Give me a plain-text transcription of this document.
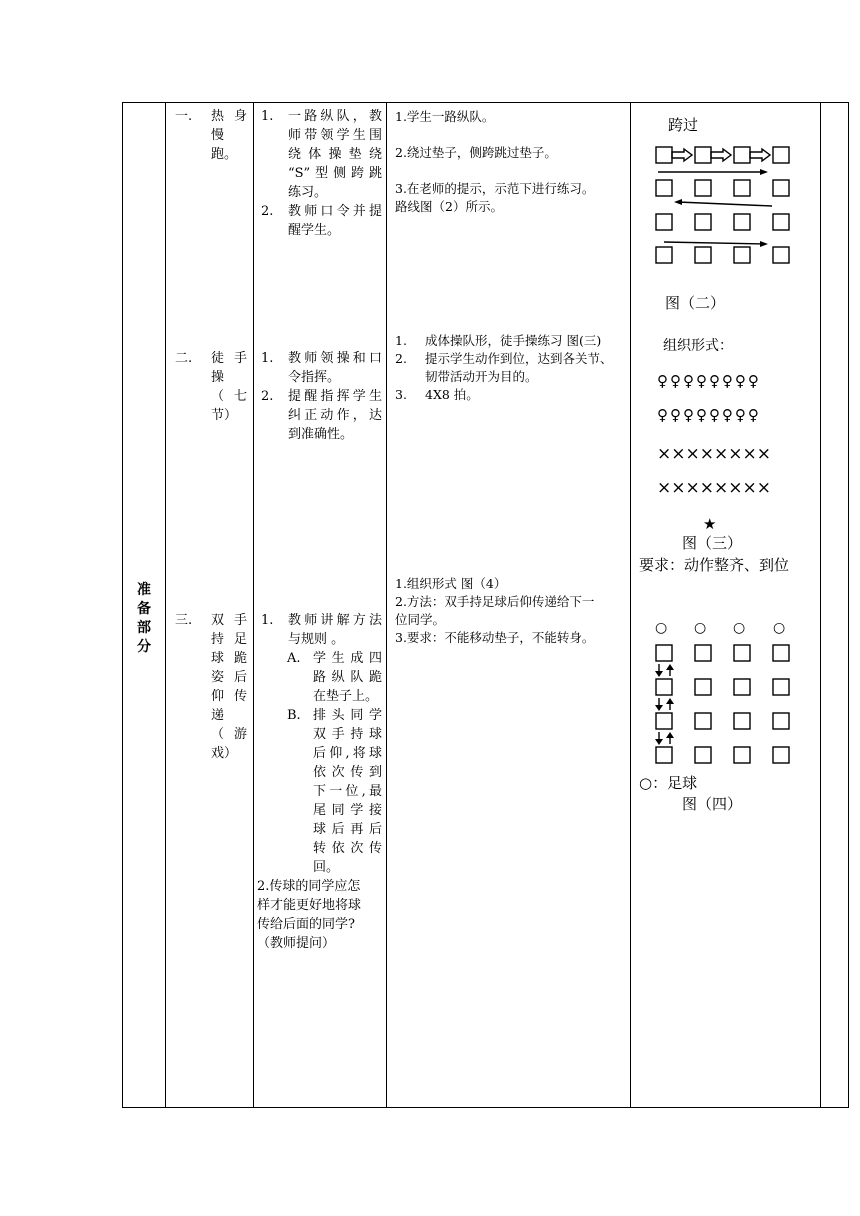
准
备
部
分
一. 热 身
慢
跑。
1. 一路纵队，教
师带领学生围
绕体操垫绕
“S”型侧跨跳
练习。
2. 教师口令并提
醒学生。
1.学生一路纵队。
2.绕过垫子，侧跨跳过垫子。
3.在老师的提示，示范下进行练习。
路线图（2）所示。
二. 徒 手
操
（ 七
节）
1. 教师领操和口
令指挥。
2. 提醒指挥学生
纠正动作，达
到准确性。
1. 成体操队形，徒手操练习 图(三)
2. 提示学生动作到位，达到各关节、
韧带活动开为目的。
3. 4X8 拍。
三. 双 手
持 足
球 跪
姿 后
仰 传
递
（ 游
戏）
1. 教师讲解方法
与规则 。
A. 学生成四
路纵队跪
在垫子上。
B. 排头同学
双手持球
后仰,将球
依次传到
下一位,最
尾同学接
球后再后
转依次传
回。
2.传球的同学应怎
样才能更好地将球
传给后面的同学?
（教师提问）
1.组织形式 图（4）
2.方法：双手持足球后仰传递给下一
位同学。
3.要求：不能移动垫子，不能转身。
跨过
图（二）
组织形式：
♀♀♀♀♀♀♀♀
♀♀♀♀♀♀♀♀
××××××××
××××××××
★
图（三）
要求：动作整齐、到位
○ ○ ○ ○
○：足球
图（四）
